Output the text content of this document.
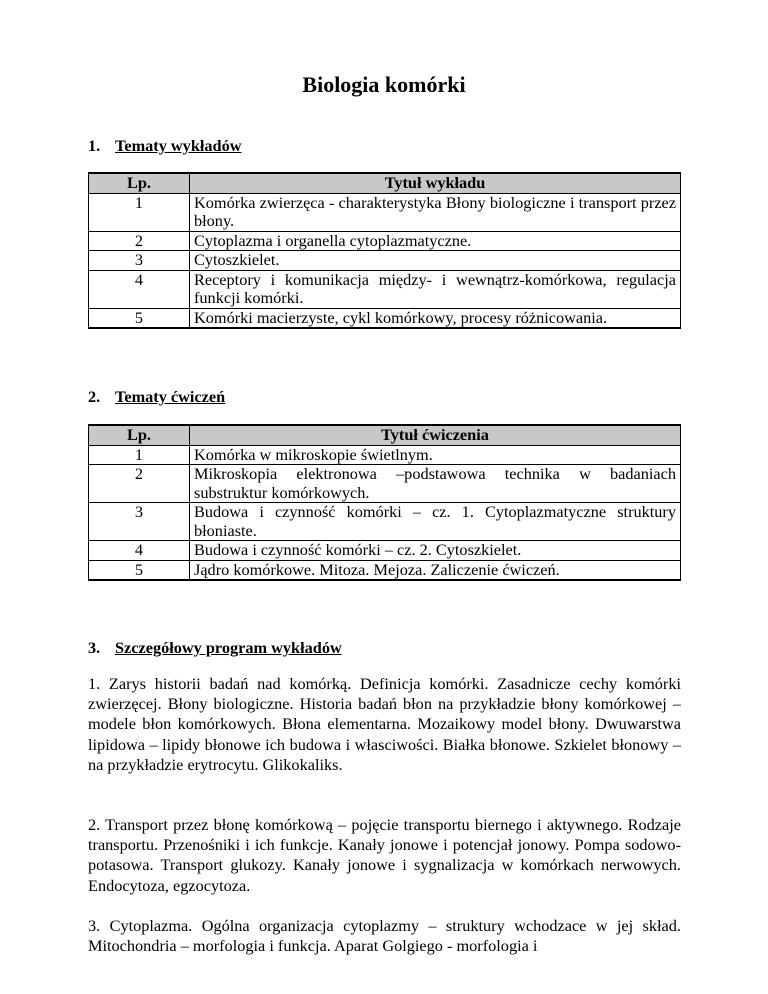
Biologia komórki
1. Tematy wykładów
Lp.	Tytuł wykładu
1	Komórka zwierzęca - charakterystyka Błony biologiczne i transport przez błony.
2	Cytoplazma i organella cytoplazmatyczne.
3	Cytoszkielet.
4	Receptory i komunikacja między- i wewnątrz-komórkowa, regulacja funkcji komórki.
5	Komórki macierzyste, cykl komórkowy, procesy różnicowania.
2. Tematy ćwiczeń
Lp.	Tytuł ćwiczenia
1	Komórka w mikroskopie świetlnym.
2	Mikroskopia elektronowa –podstawowa technika w badaniach substruktur komórkowych.
3	Budowa i czynność komórki – cz. 1. Cytoplazmatyczne struktury błoniaste.
4	Budowa i czynność komórki – cz. 2. Cytoszkielet.
5	Jądro komórkowe. Mitoza. Mejoza. Zaliczenie ćwiczeń.
3. Szczegółowy program wykładów
1. Zarys historii badań nad komórką. Definicja komórki. Zasadnicze cechy komórki zwierzęcej. Błony biologiczne. Historia badań błon na przykładzie błony komórkowej – modele błon komórkowych. Błona elementarna. Mozaikowy model błony. Dwuwarstwa lipidowa – lipidy błonowe ich budowa i własciwości. Białka błonowe. Szkielet błonowy – na przykładzie erytrocytu. Glikokaliks.
2. Transport przez błonę komórkową – pojęcie transportu biernego i aktywnego. Rodzaje transportu. Przenośniki i ich funkcje. Kanały jonowe i potencjał jonowy. Pompa sodowo-potasowa. Transport glukozy. Kanały jonowe i sygnalizacja w komórkach nerwowych. Endocytoza, egzocytoza.
3. Cytoplazma. Ogólna organizacja cytoplazmy – struktury wchodzace w jej skład. Mitochondria – morfologia i funkcja. Aparat Golgiego - morfologia i
